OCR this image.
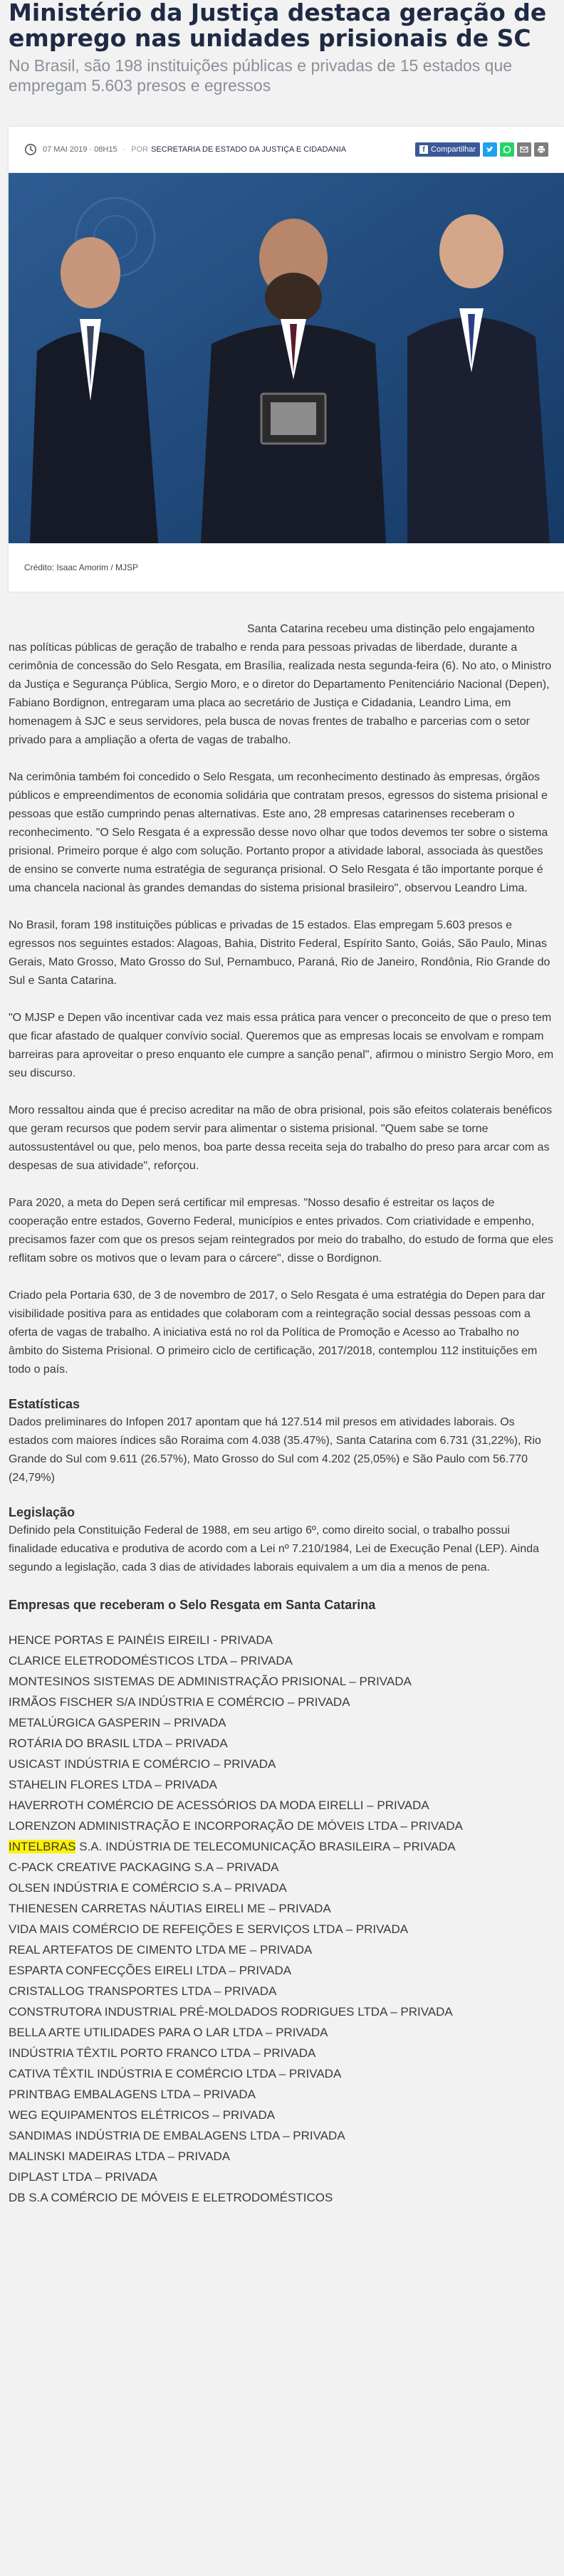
Ministério da Justiça destaca geração de emprego nas unidades prisionais de SC

No Brasil, são 198 instituições públicas e privadas de 15 estados que empregam 5.603 presos e egressos

07 MAI 2019 · 08H15 · POR SECRETARIA DE ESTADO DA JUSTIÇA E CIDADANIA	f Compartilhar
Crédito: Isaac Amorim / MJSP

Santa Catarina recebeu uma distinção pelo engajamento nas políticas públicas de geração de trabalho e renda para pessoas privadas de liberdade, durante a cerimônia de concessão do Selo Resgata, em Brasília, realizada nesta segunda-feira (6). No ato, o Ministro da Justiça e Segurança Pública, Sergio Moro, e o diretor do Departamento Penitenciário Nacional (Depen), Fabiano Bordignon, entregaram uma placa ao secretário de Justiça e Cidadania, Leandro Lima, em homenagem à SJC e seus servidores, pela busca de novas frentes de trabalho e parcerias com o setor privado para a ampliação a oferta de vagas de trabalho.

Na cerimônia também foi concedido o Selo Resgata, um reconhecimento destinado às empresas, órgãos públicos e empreendimentos de economia solidária que contratam presos, egressos do sistema prisional e pessoas que estão cumprindo penas alternativas. Este ano, 28 empresas catarinenses receberam o reconhecimento. "O Selo Resgata é a expressão desse novo olhar que todos devemos ter sobre o sistema prisional. Primeiro porque é algo com solução. Portanto propor a atividade laboral, associada às questões de ensino se converte numa estratégia de segurança prisional. O Selo Resgata é tão importante porque é uma chancela nacional às grandes demandas do sistema prisional brasileiro", observou Leandro Lima.

No Brasil, foram 198 instituições públicas e privadas de 15 estados. Elas empregam 5.603 presos e egressos nos seguintes estados: Alagoas, Bahia, Distrito Federal, Espírito Santo, Goiás, São Paulo, Minas Gerais, Mato Grosso, Mato Grosso do Sul, Pernambuco, Paraná, Rio de Janeiro, Rondônia, Rio Grande do Sul e Santa Catarina.

"O MJSP e Depen vão incentivar cada vez mais essa prática para vencer o preconceito de que o preso tem que ficar afastado de qualquer convívio social. Queremos que as empresas locais se envolvam e rompam barreiras para aproveitar o preso enquanto ele cumpre a sanção penal", afirmou o ministro Sergio Moro, em seu discurso.

Moro ressaltou ainda que é preciso acreditar na mão de obra prisional, pois são efeitos colaterais benéficos que geram recursos que podem servir para alimentar o sistema prisional. "Quem sabe se torne autossustentável ou que, pelo menos, boa parte dessa receita seja do trabalho do preso para arcar com as despesas de sua atividade", reforçou.

Para 2020, a meta do Depen será certificar mil empresas. "Nosso desafio é estreitar os laços de cooperação entre estados, Governo Federal, municípios e entes privados. Com criatividade e empenho, precisamos fazer com que os presos sejam reintegrados por meio do trabalho, do estudo de forma que eles reflitam sobre os motivos que o levam para o cárcere", disse o Bordignon.

Criado pela Portaria 630, de 3 de novembro de 2017, o Selo Resgata é uma estratégia do Depen para dar visibilidade positiva para as entidades que colaboram com a reintegração social dessas pessoas com a oferta de vagas de trabalho. A iniciativa está no rol da Política de Promoção e Acesso ao Trabalho no âmbito do Sistema Prisional. O primeiro ciclo de certificação, 2017/2018, contemplou 112 instituições em todo o país.

Estatísticas

Dados preliminares do Infopen 2017 apontam que há 127.514 mil presos em atividades laborais. Os estados com maiores índices são Roraima com 4.038 (35.47%), Santa Catarina com 6.731 (31,22%), Rio Grande do Sul com 9.611 (26.57%), Mato Grosso do Sul com 4.202 (25,05%) e São Paulo com 56.770 (24,79%)

Legislação

Definido pela Constituição Federal de 1988, em seu artigo 6º, como direito social, o trabalho possui finalidade educativa e produtiva de acordo com a Lei nº 7.210/1984, Lei de Execução Penal (LEP). Ainda segundo a legislação, cada 3 dias de atividades laborais equivalem a um dia a menos de pena.

Empresas que receberam o Selo Resgata em Santa Catarina
HENCE PORTAS E PAINÉIS EIREILI - PRIVADA
CLARICE ELETRODOMÉSTICOS LTDA – PRIVADA
MONTESINOS SISTEMAS DE ADMINISTRAÇÃO PRISIONAL – PRIVADA
IRMÃOS FISCHER S/A INDÚSTRIA E COMÉRCIO – PRIVADA
METALÚRGICA GASPERIN – PRIVADA
ROTÁRIA DO BRASIL LTDA – PRIVADA
USICAST INDÚSTRIA E COMÉRCIO – PRIVADA
STAHELIN FLORES LTDA – PRIVADA
HAVERROTH COMÉRCIO DE ACESSÓRIOS DA MODA EIRELLI – PRIVADA
LORENZON ADMINISTRAÇÃO E INCORPORAÇÃO DE MÓVEIS LTDA – PRIVADA
INTELBRAS S.A. INDÚSTRIA DE TELECOMUNICAÇÃO BRASILEIRA – PRIVADA
C-PACK CREATIVE PACKAGING S.A – PRIVADA
OLSEN INDÚSTRIA E COMÉRCIO S.A – PRIVADA
THIENESEN CARRETAS NÁUTIAS EIRELI ME – PRIVADA
VIDA MAIS COMÉRCIO DE REFEIÇÕES E SERVIÇOS LTDA – PRIVADA
REAL ARTEFATOS DE CIMENTO LTDA ME – PRIVADA
ESPARTA CONFECÇÕES EIRELI LTDA – PRIVADA
CRISTALLOG TRANSPORTES LTDA – PRIVADA
CONSTRUTORA INDUSTRIAL PRÉ-MOLDADOS RODRIGUES LTDA – PRIVADA
BELLA ARTE UTILIDADES PARA O LAR LTDA – PRIVADA
INDÚSTRIA TÊXTIL PORTO FRANCO LTDA – PRIVADA
CATIVA TÊXTIL INDÚSTRIA E COMÉRCIO LTDA – PRIVADA
PRINTBAG EMBALAGENS LTDA – PRIVADA
WEG EQUIPAMENTOS ELÉTRICOS – PRIVADA
SANDIMAS INDÚSTRIA DE EMBALAGENS LTDA – PRIVADA
MALINSKI MADEIRAS LTDA – PRIVADA
DIPLAST LTDA – PRIVADA
DB S.A COMÉRCIO DE MÓVEIS E ELETRODOMÉSTICOS
